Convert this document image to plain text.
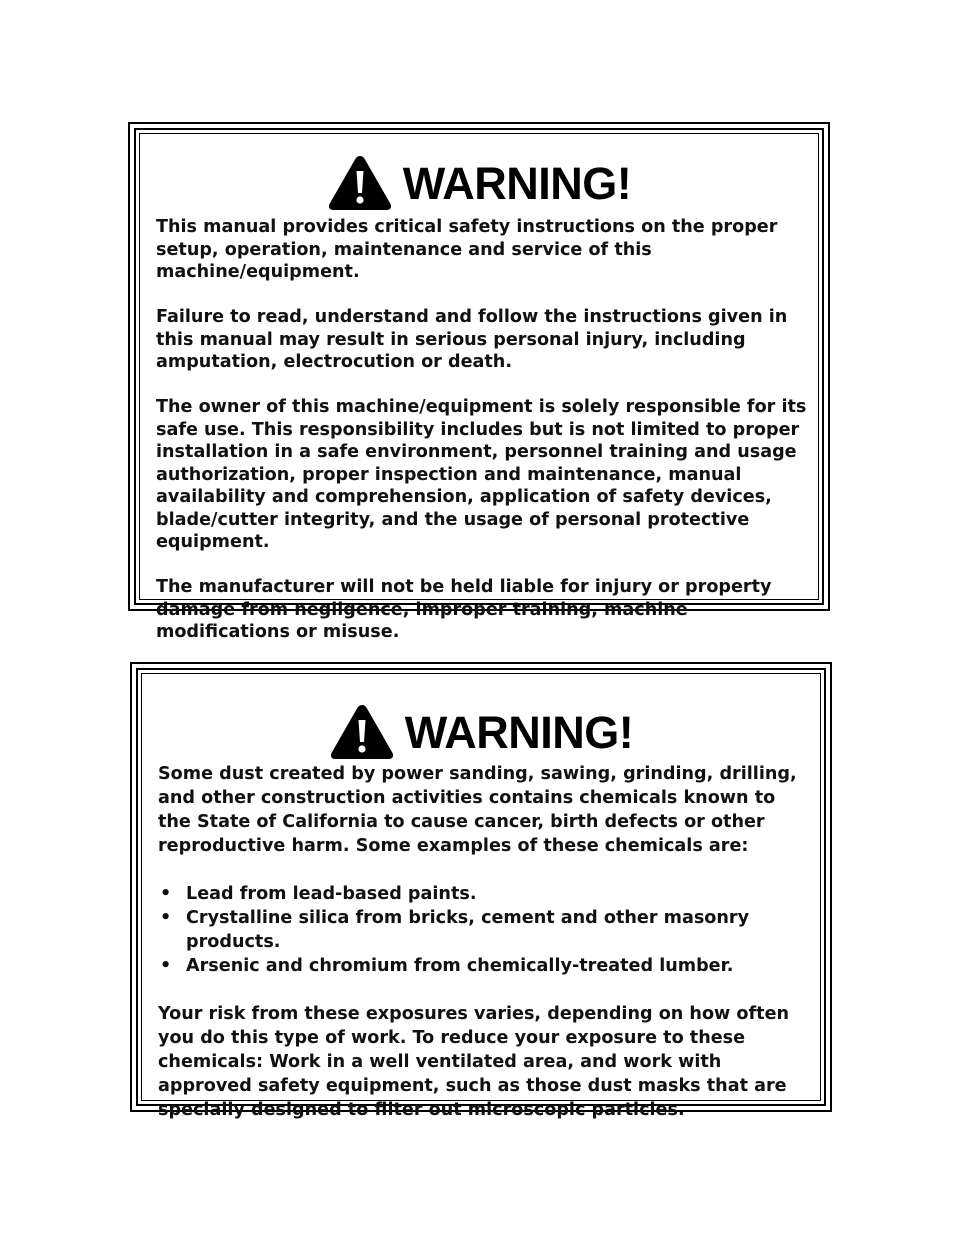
WARNING!

This manual provides critical safety instructions on the proper setup, operation, maintenance and service of this machine/equipment.

Failure to read, understand and follow the instructions given in this manual may result in serious personal injury, including amputation, electrocution or death.

The owner of this machine/equipment is solely responsible for its safe use. This responsibility includes but is not limited to proper installation in a safe environment, personnel training and usage authorization, proper inspection and maintenance, manual availability and comprehension, application of safety devices, blade/cutter integrity, and the usage of personal protective equipment.

The manufacturer will not be held liable for injury or property damage from negligence, improper training, machine modifications or misuse.

WARNING!

Some dust created by power sanding, sawing, grinding, drilling, and other construction activities contains chemicals known to the State of California to cause cancer, birth defects or other reproductive harm. Some examples of these chemicals are:

• Lead from lead-based paints.
• Crystalline silica from bricks, cement and other masonry products.
• Arsenic and chromium from chemically-treated lumber.

Your risk from these exposures varies, depending on how often you do this type of work. To reduce your exposure to these chemicals: Work in a well ventilated area, and work with approved safety equipment, such as those dust masks that are specially designed to filter out microscopic particles.
